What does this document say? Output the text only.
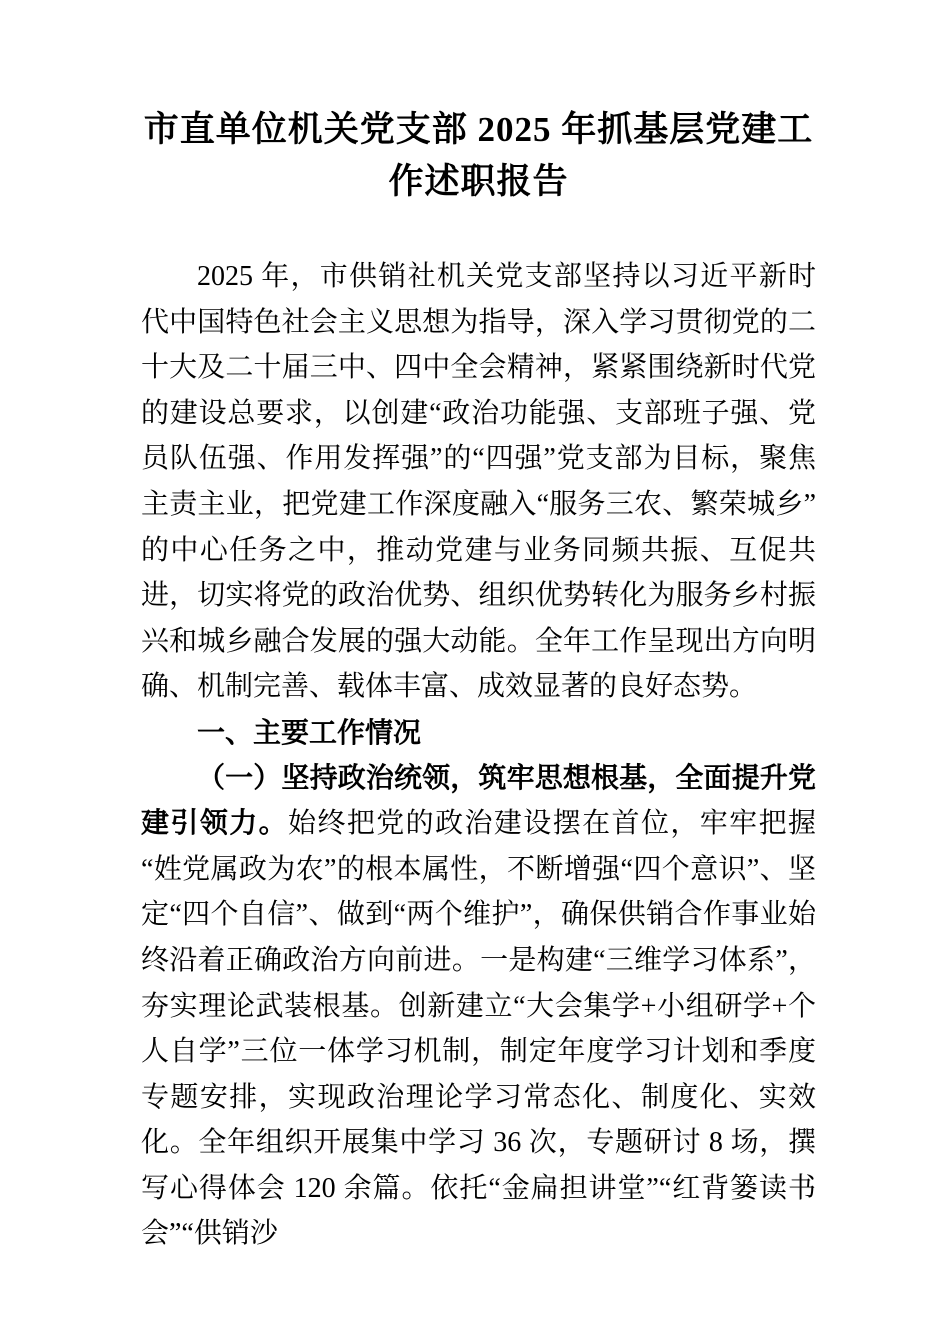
市直单位机关党支部 2025 年抓基层党建工
作述职报告

2025 年，市供销社机关党支部坚持以习近平新时代中国特色社会主义思想为指导，深入学习贯彻党的二十大及二十届三中、四中全会精神，紧紧围绕新时代党的建设总要求，以创建“政治功能强、支部班子强、党员队伍强、作用发挥强”的“四强”党支部为目标，聚焦主责主业，把党建工作深度融入“服务三农、繁荣城乡”的中心任务之中，推动党建与业务同频共振、互促共进，切实将党的政治优势、组织优势转化为服务乡村振兴和城乡融合发展的强大动能。全年工作呈现出方向明确、机制完善、载体丰富、成效显著的良好态势。

一、主要工作情况

（一）坚持政治统领，筑牢思想根基，全面提升党建引领力。始终把党的政治建设摆在首位，牢牢把握“姓党属政为农”的根本属性，不断增强“四个意识”、坚定“四个自信”、做到“两个维护”，确保供销合作事业始终沿着正确政治方向前进。一是构建“三维学习体系”，夯实理论武装根基。创新建立“大会集学+小组研学+个人自学”三位一体学习机制，制定年度学习计划和季度专题安排，实现政治理论学习常态化、制度化、实效化。全年组织开展集中学习 36 次，专题研讨 8 场，撰写心得体会 120 余篇。依托“金扁担讲堂”“红背篓读书会”“供销沙
